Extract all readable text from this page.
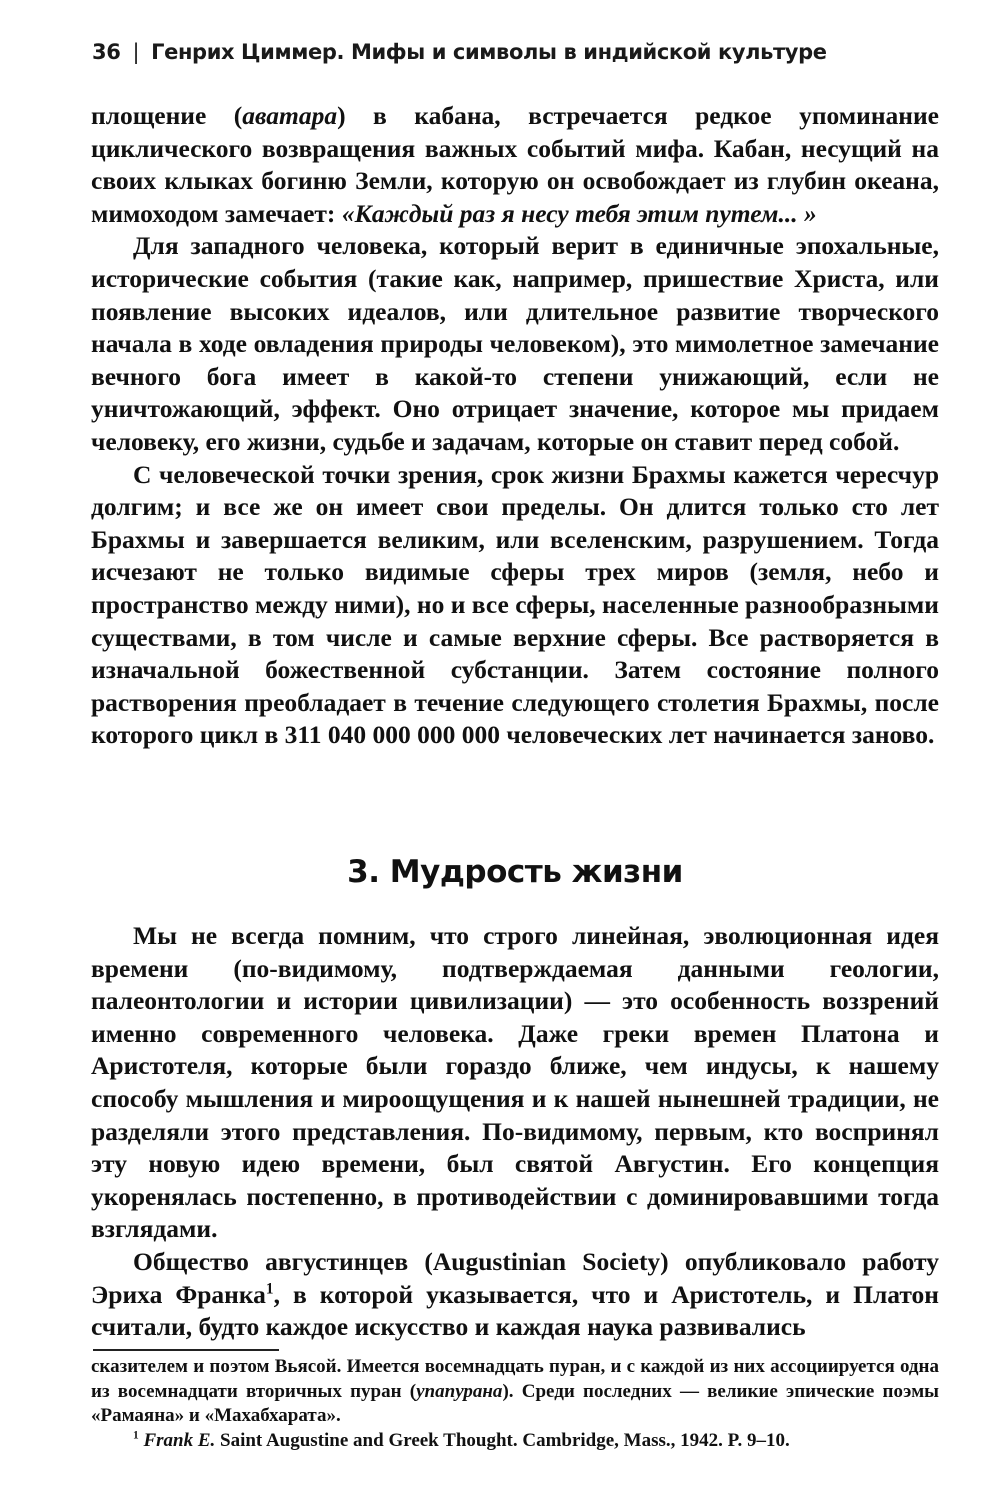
36 | Генрих Циммер. Мифы и символы в индийской культуре

площение (аватара) в кабана, встречается редкое упоминание циклического возвращения важных событий мифа. Кабан, несущий на своих клыках богиню Земли, которую он освобождает из глубин океана, мимоходом замечает: «Каждый раз я несу тебя этим путем... »

Для западного человека, который верит в единичные эпохальные, исторические события (такие как, например, пришествие Христа, или появление высоких идеалов, или длительное развитие творческого начала в ходе овладения природы человеком), это мимолетное замечание вечного бога имеет в какой-то степени унижающий, если не уничтожающий, эффект. Оно отрицает значение, которое мы придаем человеку, его жизни, судьбе и задачам, которые он ставит перед собой.

С человеческой точки зрения, срок жизни Брахмы кажется чересчур долгим; и все же он имеет свои пределы. Он длится только сто лет Брахмы и завершается великим, или вселенским, разрушением. Тогда исчезают не только видимые сферы трех миров (земля, небо и пространство между ними), но и все сферы, населенные разнообразными существами, в том числе и самые верхние сферы. Все растворяется в изначальной божественной субстанции. Затем состояние полного растворения преобладает в течение следующего столетия Брахмы, после которого цикл в 311 040 000 000 000 человеческих лет начинается заново.

3. Мудрость жизни

Мы не всегда помним, что строго линейная, эволюционная идея времени (по-видимому, подтверждаемая данными геологии, палеонтологии и истории цивилизации) — это особенность воззрений именно современного человека. Даже греки времен Платона и Аристотеля, которые были гораздо ближе, чем индусы, к нашему способу мышления и мироощущения и к нашей нынешней традиции, не разделяли этого представления. По-видимому, первым, кто воспринял эту новую идею времени, был святой Августин. Его концепция укоренялась постепенно, в противодействии с доминировавшими тогда взглядами.

Общество августинцев (Augustinian Society) опубликовало работу Эриха Франка$^1$, в которой указывается, что и Аристотель, и Платон считали, будто каждое искусство и каждая наука развивались

сказителем и поэтом Вьясой. Имеется восемнадцать пуран, и с каждой из них ассоциируется одна из восемнадцати вторичных пуран (упапурана). Среди последних — великие эпические поэмы «Рамаяна» и «Махабхарата».

$^1$ Frank E. Saint Augustine and Greek Thought. Cambridge, Mass., 1942. P. 9–10.
